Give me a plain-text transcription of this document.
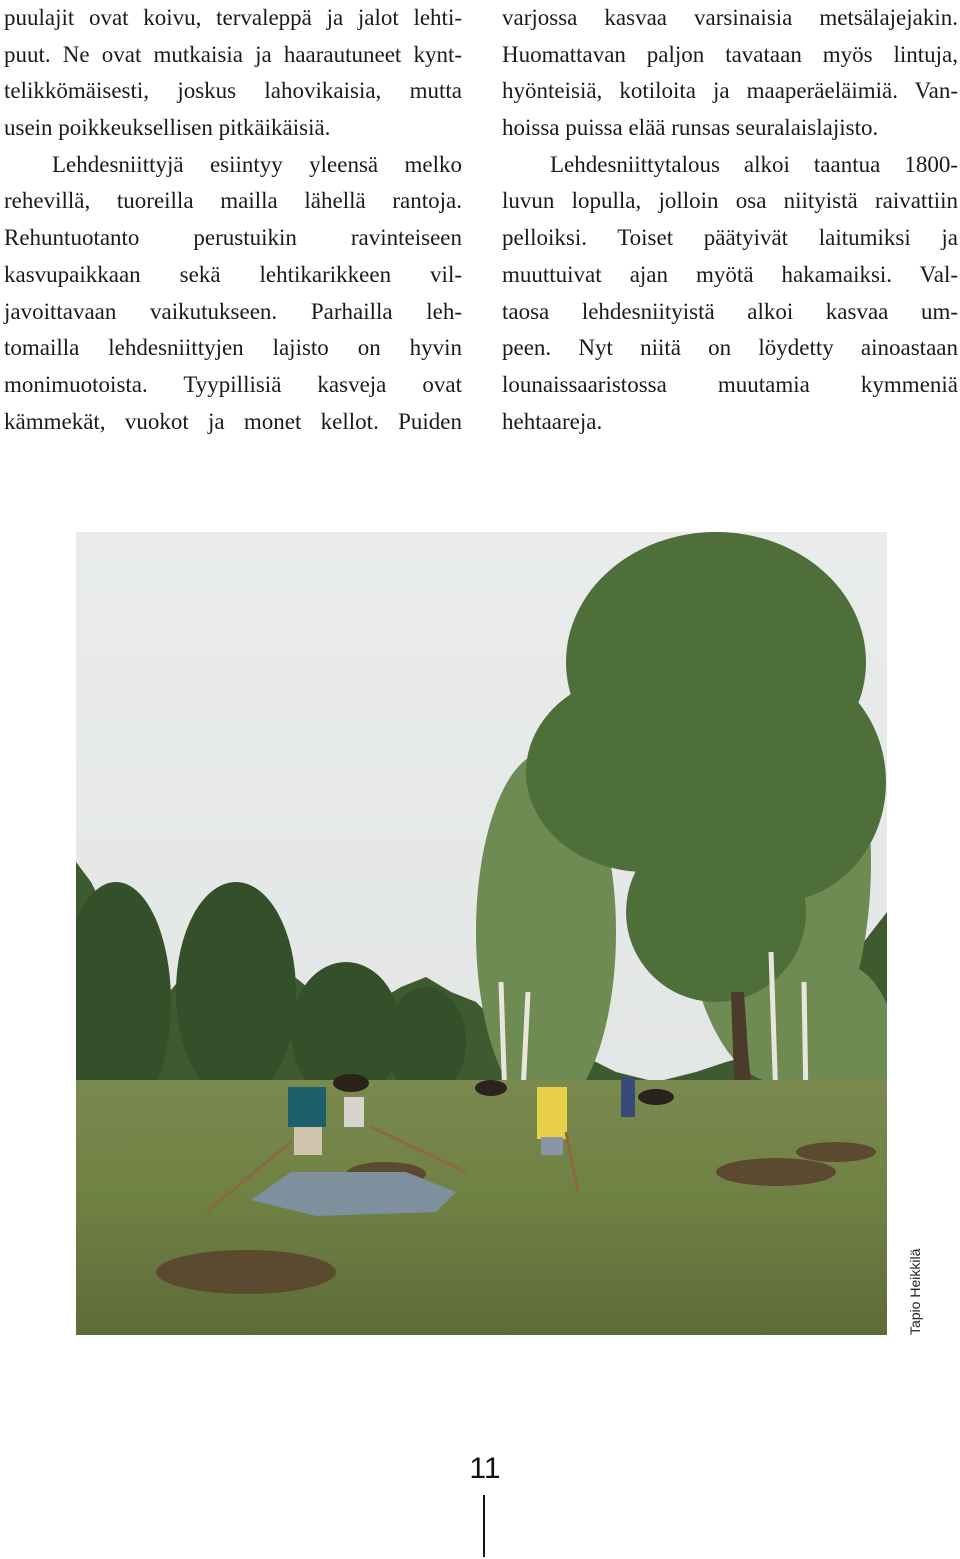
puulajit ovat koivu, tervaleppä ja jalot lehti-
puut. Ne ovat mutkaisia ja haarautuneet kynt-
telikkömäisesti, joskus lahovikaisia, mutta
usein poikkeuksellisen pitkäikäisiä.
Lehdesniittyjä esiintyy yleensä melko
rehevillä, tuoreilla mailla lähellä rantoja.
Rehuntuotanto perustuikin ravinteiseen
kasvupaikkaan sekä lehtikarikkeen vil-
javoittavaan vaikutukseen. Parhailla leh-
tomailla lehdesniittyjen lajisto on hyvin
monimuotoista. Tyypillisiä kasveja ovat
kämmekät, vuokot ja monet kellot. Puiden
varjossa kasvaa varsinaisia metsälajejakin.
Huomattavan paljon tavataan myös lintuja,
hyönteisiä, kotiloita ja maaperäeläimiä. Van-
hoissa puissa elää runsas seuralaislajisto.
Lehdesniittytalous alkoi taantua 1800-
luvun lopulla, jolloin osa niityistä raivattiin
pelloiksi. Toiset päätyivät laitumiksi ja
muuttuivat ajan myötä hakamaiksi. Val-
taosa lehdesniityistä alkoi kasvaa um-
peen. Nyt niitä on löydetty ainoastaan
lounaissaaristossa muutamia kymmeniä
hehtaareja.
Tapio Heikkilä
11
